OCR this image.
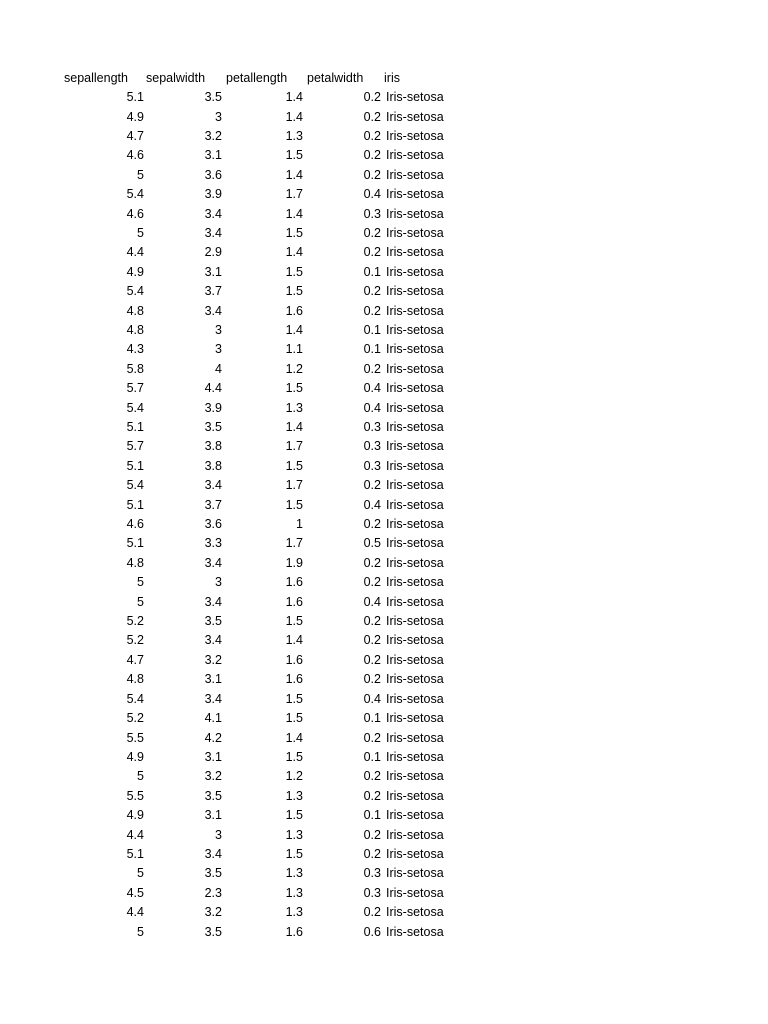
sepallength	sepalwidth	petallength	petalwidth	iris
5.1	3.5	1.4	0.2 Iris-setosa
4.9	3	1.4	0.2 Iris-setosa
4.7	3.2	1.3	0.2 Iris-setosa
4.6	3.1	1.5	0.2 Iris-setosa
5	3.6	1.4	0.2 Iris-setosa
5.4	3.9	1.7	0.4 Iris-setosa
4.6	3.4	1.4	0.3 Iris-setosa
5	3.4	1.5	0.2 Iris-setosa
4.4	2.9	1.4	0.2 Iris-setosa
4.9	3.1	1.5	0.1 Iris-setosa
5.4	3.7	1.5	0.2 Iris-setosa
4.8	3.4	1.6	0.2 Iris-setosa
4.8	3	1.4	0.1 Iris-setosa
4.3	3	1.1	0.1 Iris-setosa
5.8	4	1.2	0.2 Iris-setosa
5.7	4.4	1.5	0.4 Iris-setosa
5.4	3.9	1.3	0.4 Iris-setosa
5.1	3.5	1.4	0.3 Iris-setosa
5.7	3.8	1.7	0.3 Iris-setosa
5.1	3.8	1.5	0.3 Iris-setosa
5.4	3.4	1.7	0.2 Iris-setosa
5.1	3.7	1.5	0.4 Iris-setosa
4.6	3.6	1	0.2 Iris-setosa
5.1	3.3	1.7	0.5 Iris-setosa
4.8	3.4	1.9	0.2 Iris-setosa
5	3	1.6	0.2 Iris-setosa
5	3.4	1.6	0.4 Iris-setosa
5.2	3.5	1.5	0.2 Iris-setosa
5.2	3.4	1.4	0.2 Iris-setosa
4.7	3.2	1.6	0.2 Iris-setosa
4.8	3.1	1.6	0.2 Iris-setosa
5.4	3.4	1.5	0.4 Iris-setosa
5.2	4.1	1.5	0.1 Iris-setosa
5.5	4.2	1.4	0.2 Iris-setosa
4.9	3.1	1.5	0.1 Iris-setosa
5	3.2	1.2	0.2 Iris-setosa
5.5	3.5	1.3	0.2 Iris-setosa
4.9	3.1	1.5	0.1 Iris-setosa
4.4	3	1.3	0.2 Iris-setosa
5.1	3.4	1.5	0.2 Iris-setosa
5	3.5	1.3	0.3 Iris-setosa
4.5	2.3	1.3	0.3 Iris-setosa
4.4	3.2	1.3	0.2 Iris-setosa
5	3.5	1.6	0.6 Iris-setosa
